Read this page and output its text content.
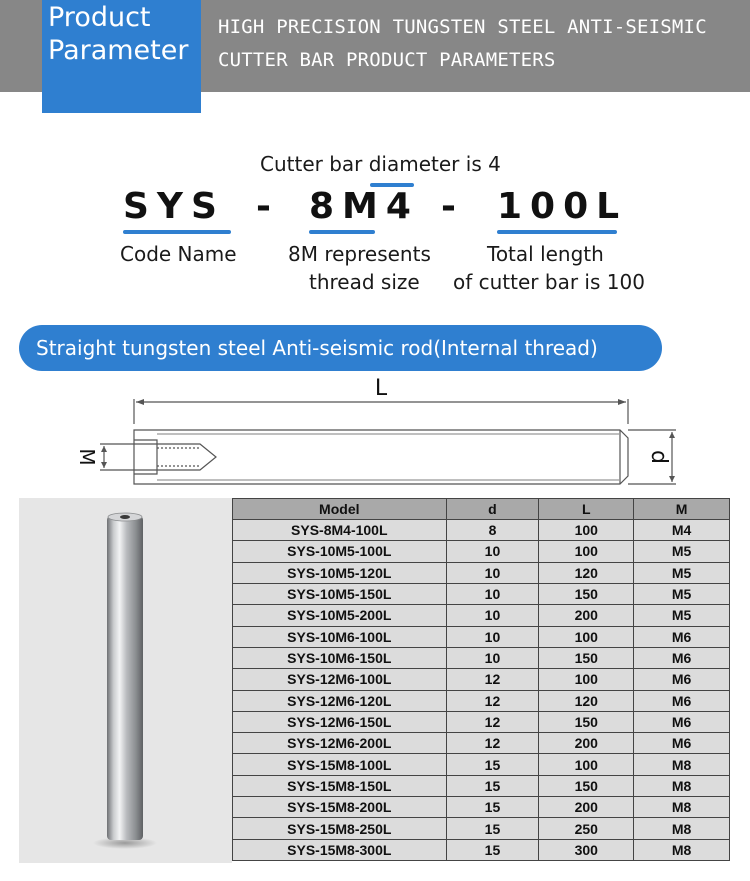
HIGH PRECISION TUNGSTEN STEEL ANTI-SEISMIC
CUTTER BAR PRODUCT PARAMETERS
Product
Parameter
Cutter bar diameter is 4
SYS - 8M4 - 100L
Code Name	8M represents
thread size
Total length
of cutter bar is 100
Straight tungsten steel Anti-seismic rod(Internal thread)
L
M	d
Model	d	L	M
SYS-8M4-100L	8	100	M4
SYS-10M5-100L	10	100	M5
SYS-10M5-120L	10	120	M5
SYS-10M5-150L	10	150	M5
SYS-10M5-200L	10	200	M5
SYS-10M6-100L	10	100	M6
SYS-10M6-150L	10	150	M6
SYS-12M6-100L	12	100	M6
SYS-12M6-120L	12	120	M6
SYS-12M6-150L	12	150	M6
SYS-12M6-200L	12	200	M6
SYS-15M8-100L	15	100	M8
SYS-15M8-150L	15	150	M8
SYS-15M8-200L	15	200	M8
SYS-15M8-250L	15	250	M8
SYS-15M8-300L	15	300	M8
